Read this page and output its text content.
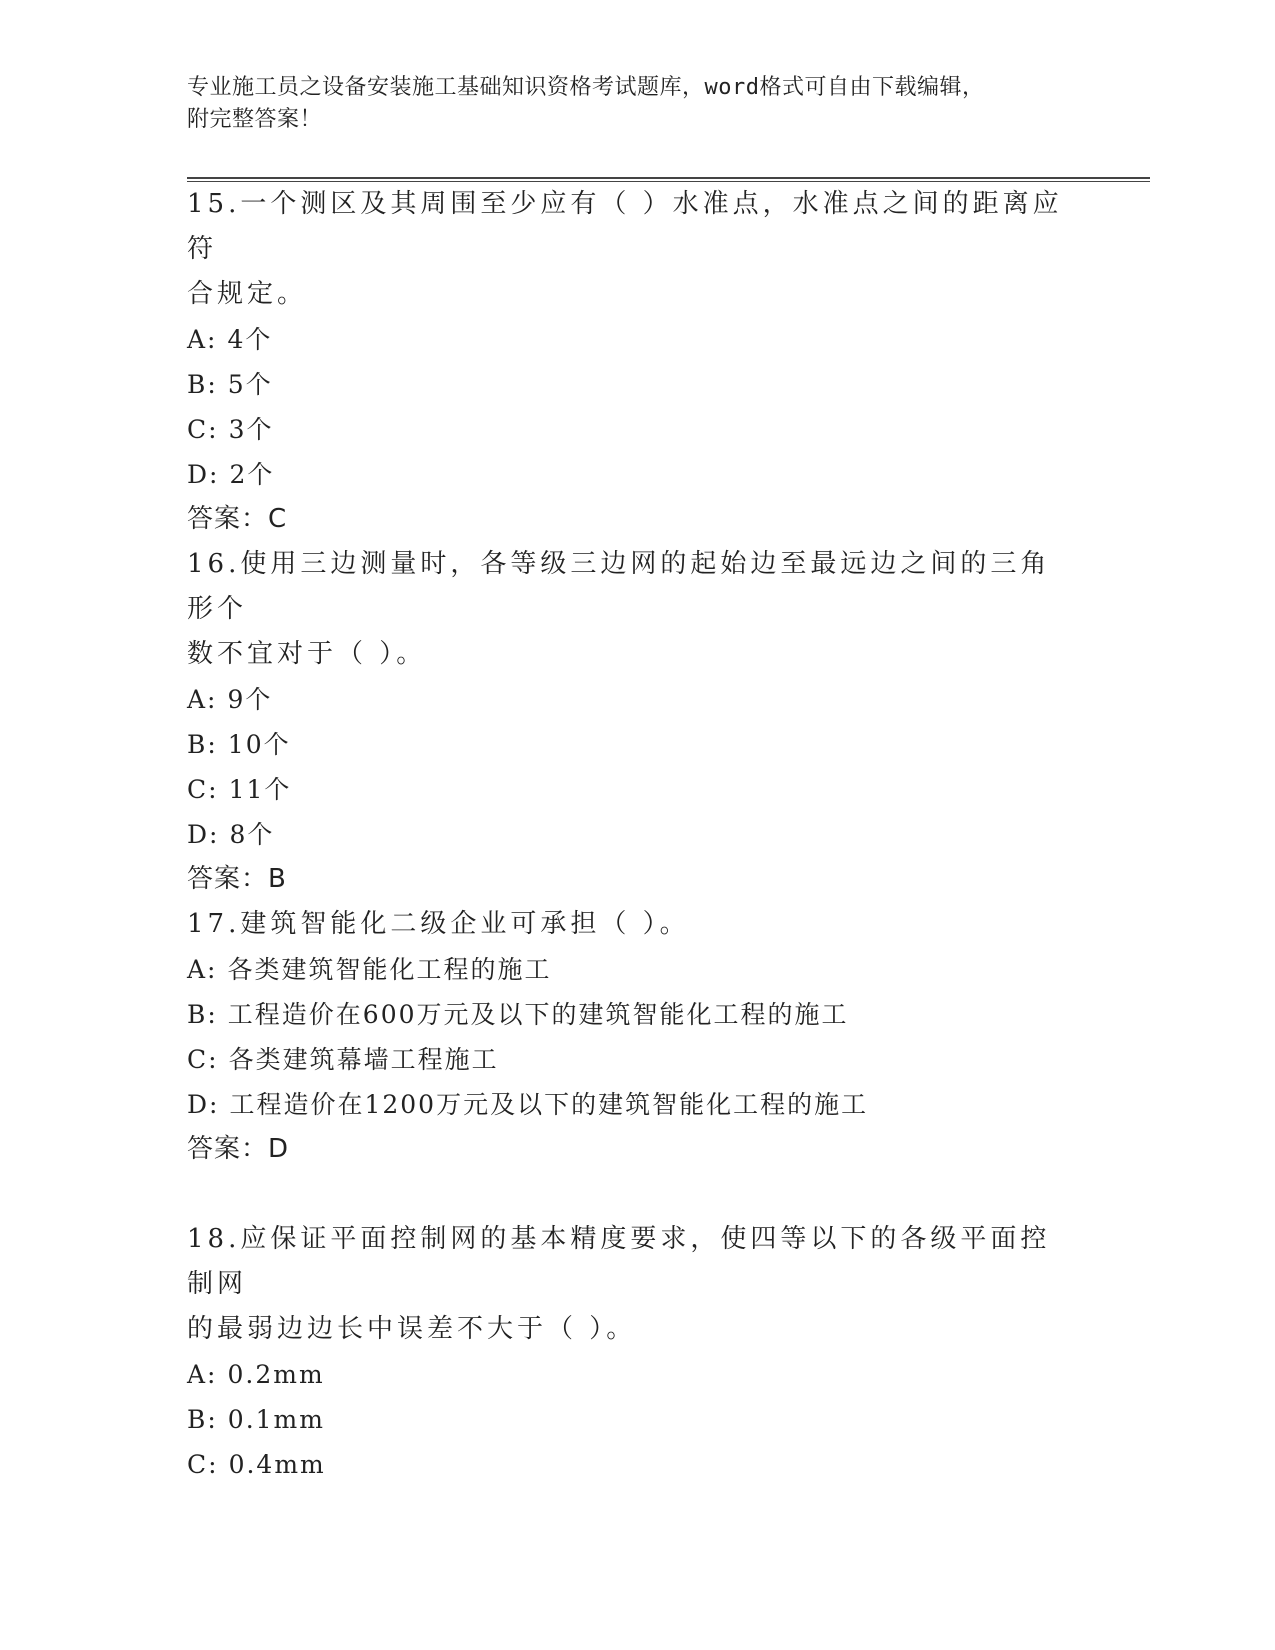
专业施工员之设备安装施工基础知识资格考试题库，word格式可自由下载编辑，
附完整答案！
15.一个测区及其周围至少应有（ ）水准点，水准点之间的距离应符
合规定。
A: 4个
B: 5个
C: 3个
D: 2个
答案：C
16.使用三边测量时，各等级三边网的起始边至最远边之间的三角形个
数不宜对于（ ）。
A: 9个
B: 10个
C: 11个
D: 8个
答案：B
17.建筑智能化二级企业可承担（ ）。
A: 各类建筑智能化工程的施工
B: 工程造价在600万元及以下的建筑智能化工程的施工
C: 各类建筑幕墙工程施工
D: 工程造价在1200万元及以下的建筑智能化工程的施工
答案：D
18.应保证平面控制网的基本精度要求，使四等以下的各级平面控制网
的最弱边边长中误差不大于（ ）。
A: 0.2mm
B: 0.1mm
C: 0.4mm
